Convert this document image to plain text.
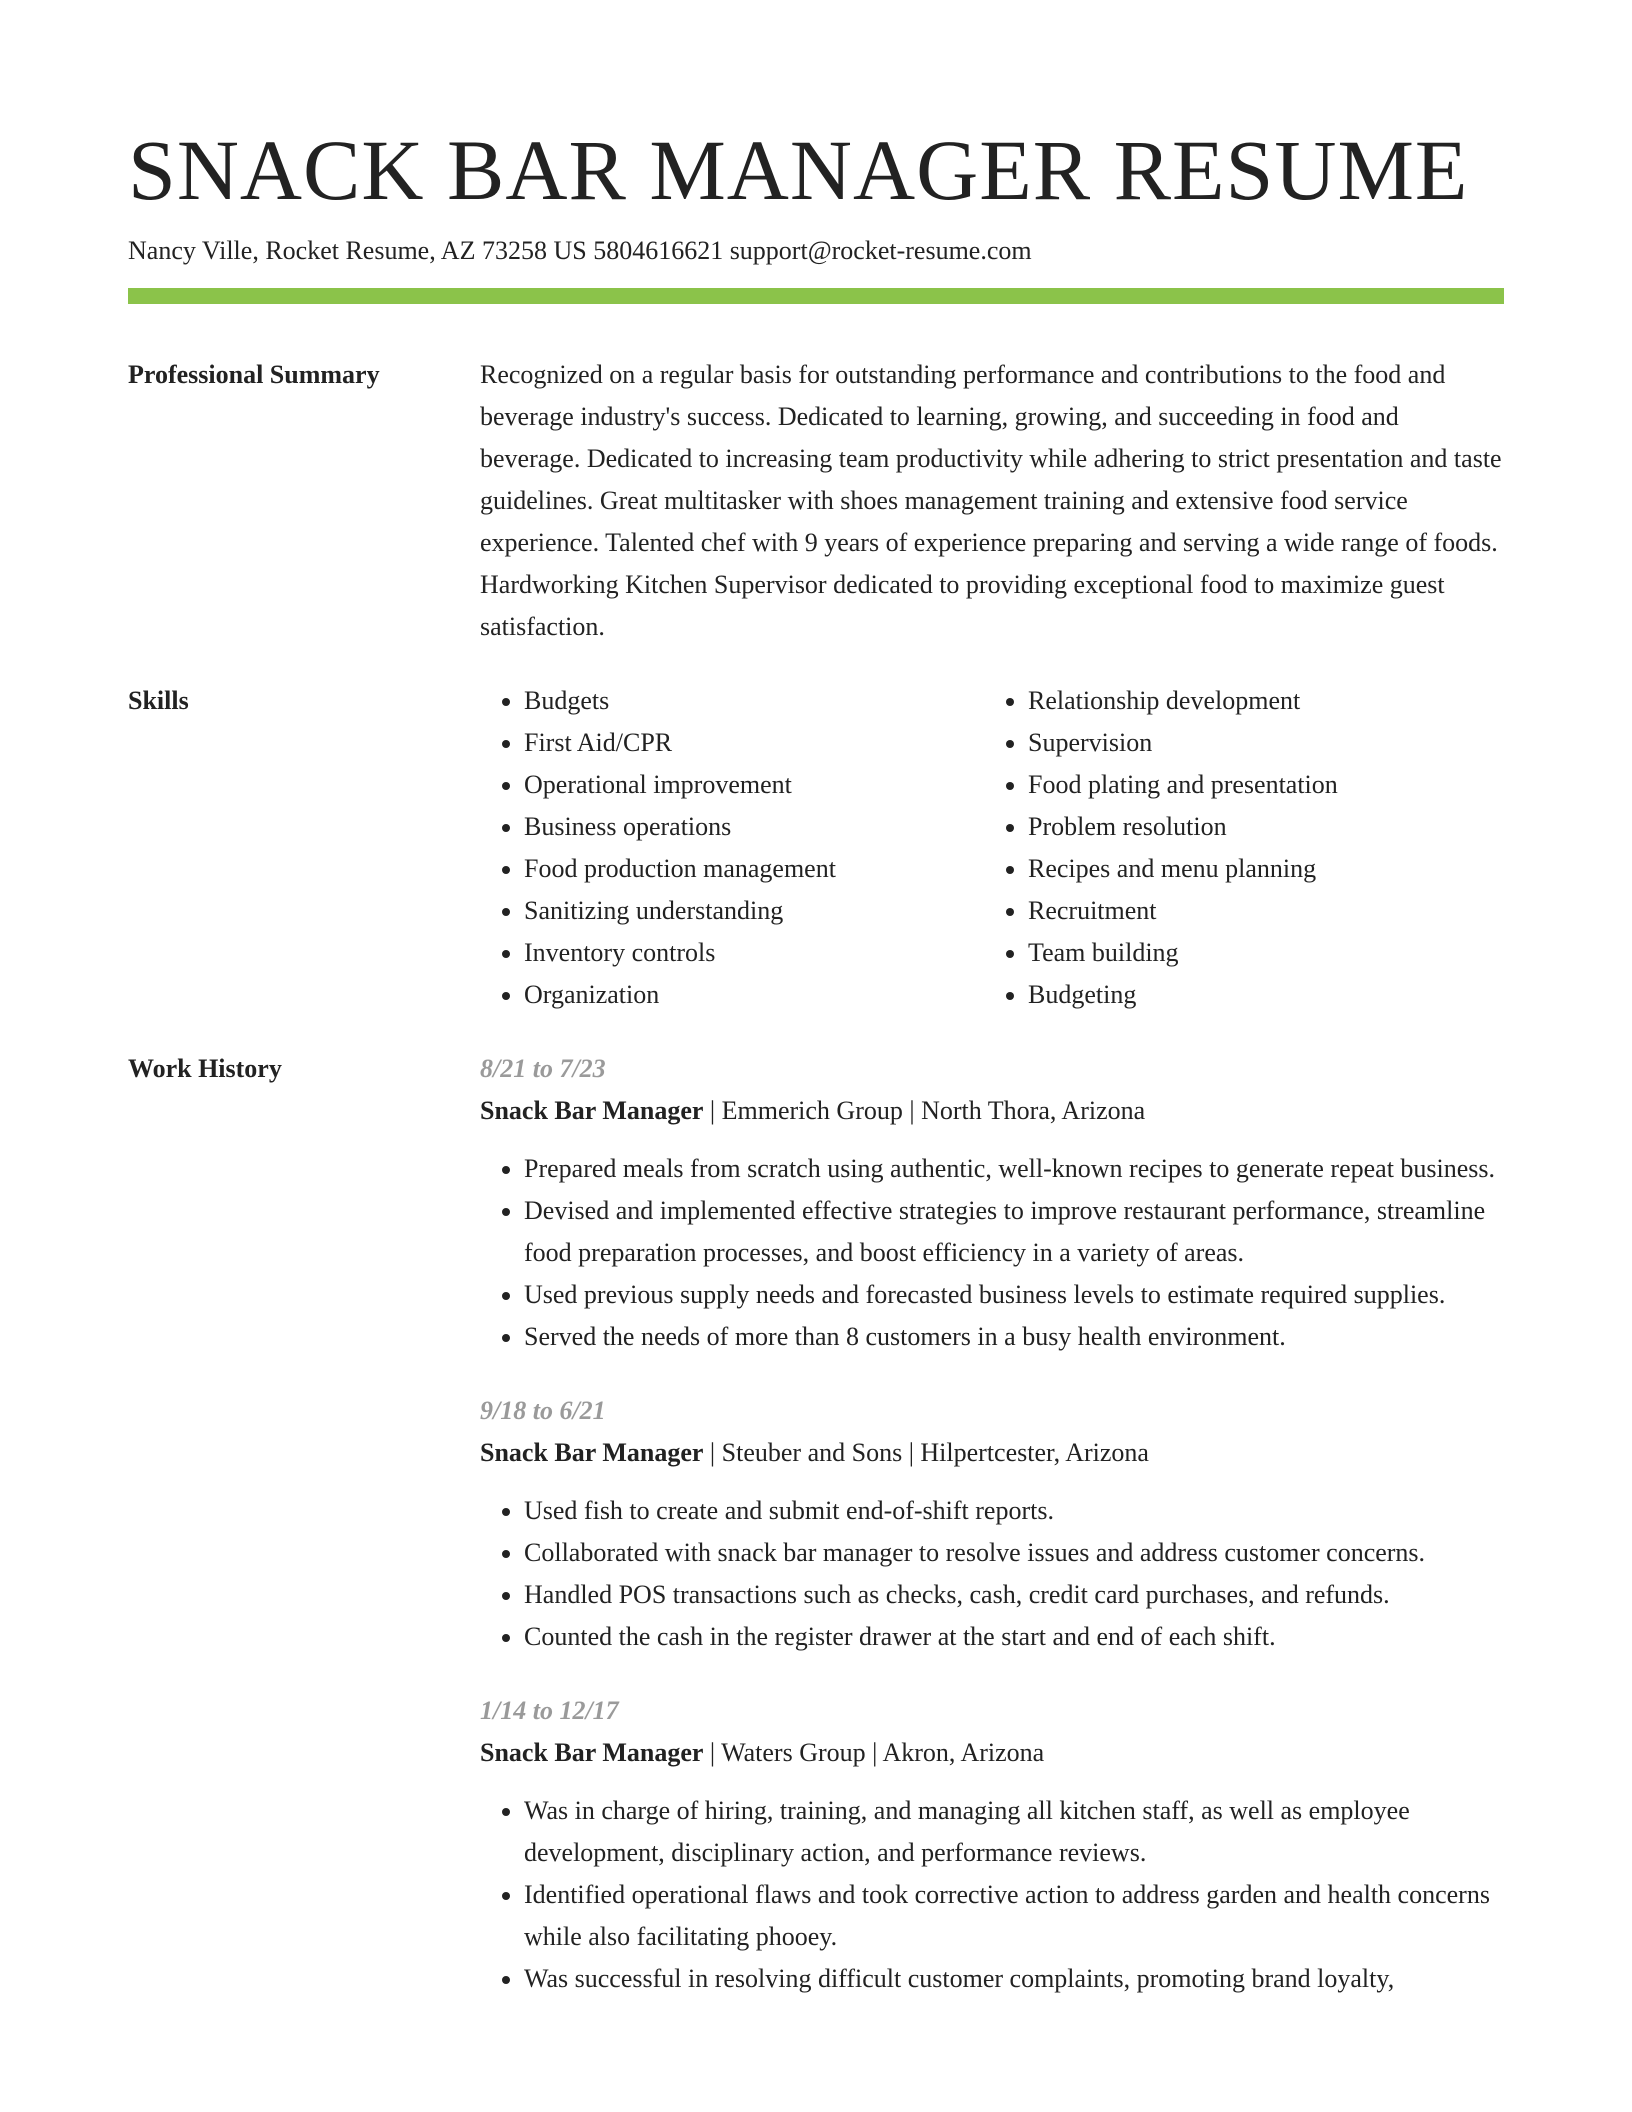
SNACK BAR MANAGER RESUME
Nancy Ville, Rocket Resume, AZ 73258 US 5804616621 support@rocket-resume.com
Professional Summary	Recognized on a regular basis for outstanding performance and contributions to the food and beverage industry's success. Dedicated to learning, growing, and succeeding in food and beverage. Dedicated to increasing team productivity while adhering to strict presentation and taste guidelines. Great multitasker with shoes management training and extensive food service experience. Talented chef with 9 years of experience preparing and serving a wide range of foods. Hardworking Kitchen Supervisor dedicated to providing exceptional food to maximize guest satisfaction.

Skills
•	Budgets
• First Aid/CPR
• Operational improvement
• Business operations
• Food production management
• Sanitizing understanding
• Inventory controls
• Organization
• Relationship development
• Supervision
• Food plating and presentation
• Problem resolution
• Recipes and menu planning
• Recruitment
• Team building
• Budgeting
Work History	8/21 to 7/23
Snack Bar Manager | Emmerich Group | North Thora, Arizona
• Prepared meals from scratch using authentic, well-known recipes to generate repeat business.
• Devised and implemented effective strategies to improve restaurant performance, streamline food preparation processes, and boost efficiency in a variety of areas.
• Used previous supply needs and forecasted business levels to estimate required supplies.
• Served the needs of more than 8 customers in a busy health environment.
9/18 to 6/21
Snack Bar Manager | Steuber and Sons | Hilpertcester, Arizona
• Used fish to create and submit end-of-shift reports.
• Collaborated with snack bar manager to resolve issues and address customer concerns.
• Handled POS transactions such as checks, cash, credit card purchases, and refunds.
• Counted the cash in the register drawer at the start and end of each shift.
1/14 to 12/17
Snack Bar Manager | Waters Group | Akron, Arizona
• Was in charge of hiring, training, and managing all kitchen staff, as well as employee development, disciplinary action, and performance reviews.
• Identified operational flaws and took corrective action to address garden and health concerns while also facilitating phooey.
• Was successful in resolving difficult customer complaints, promoting brand loyalty,
